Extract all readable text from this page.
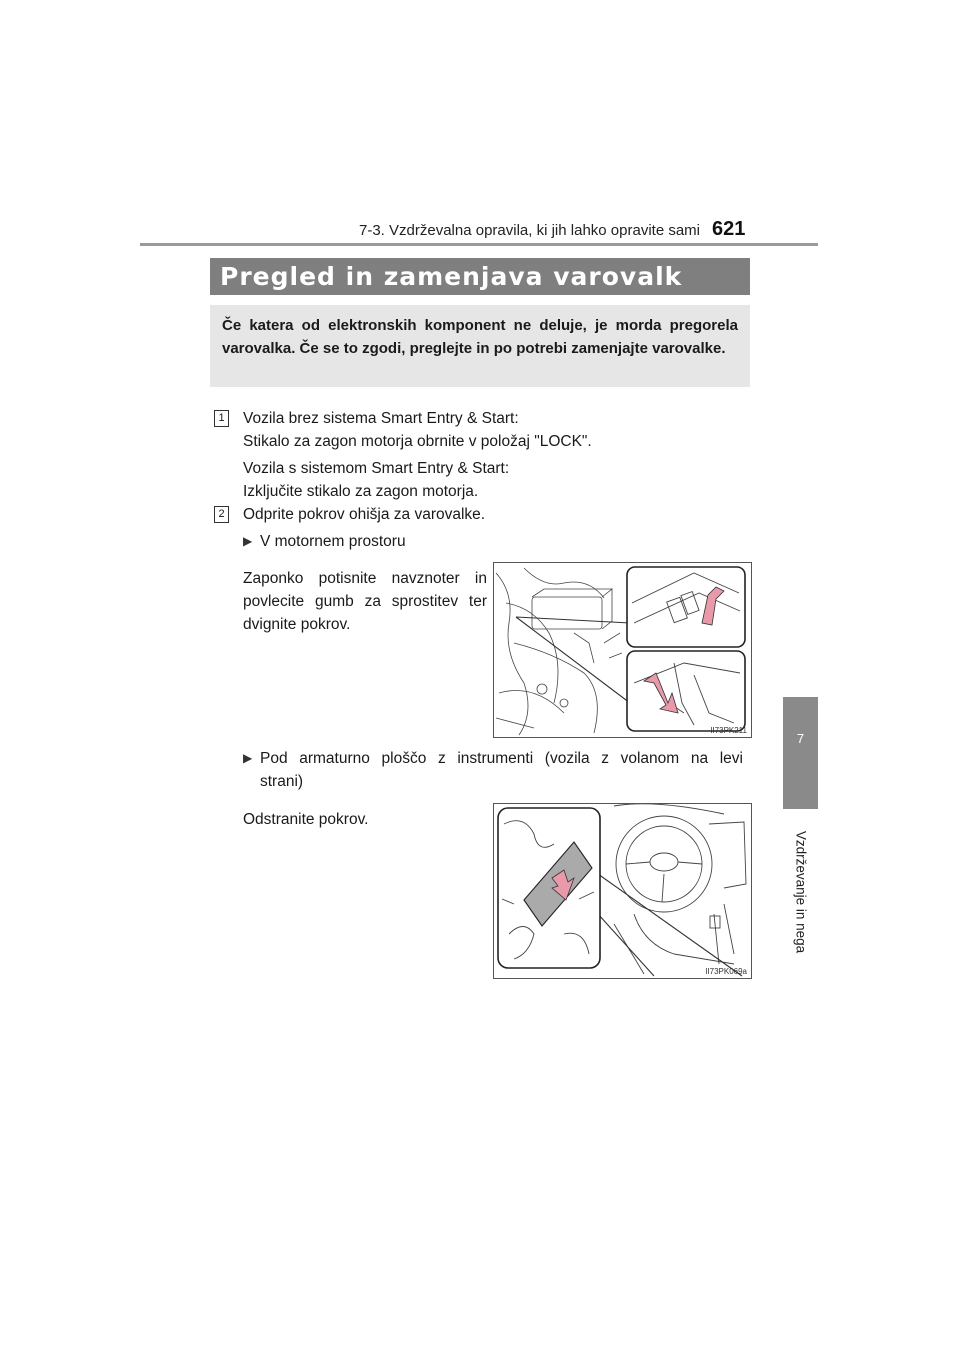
7-3. Vzdrževalna opravila, ki jih lahko opravite sami 621
7
Vzdrževanje in nega
Pregled in zamenjava varovalk
Če katera od elektronskih komponent ne deluje, je morda pregorela varovalka. Če se to zgodi, preglejte in po potrebi zamenjajte varovalke.
1 Vozila brez sistema Smart Entry & Start:
Stikalo za zagon motorja obrnite v položaj "LOCK".
Vozila s sistemom Smart Entry & Start:
Izključite stikalo za zagon motorja.
2 Odprite pokrov ohišja za varovalke.
▶ V motornem prostoru
Zaponko potisnite navznoter in
povlecite gumb za sprostitev ter
dvignite pokrov.
II73PK211
▶ Pod armaturno ploščo z instrumenti (vozila z volanom na levi
strani)
Odstranite pokrov.
II73PK069a
